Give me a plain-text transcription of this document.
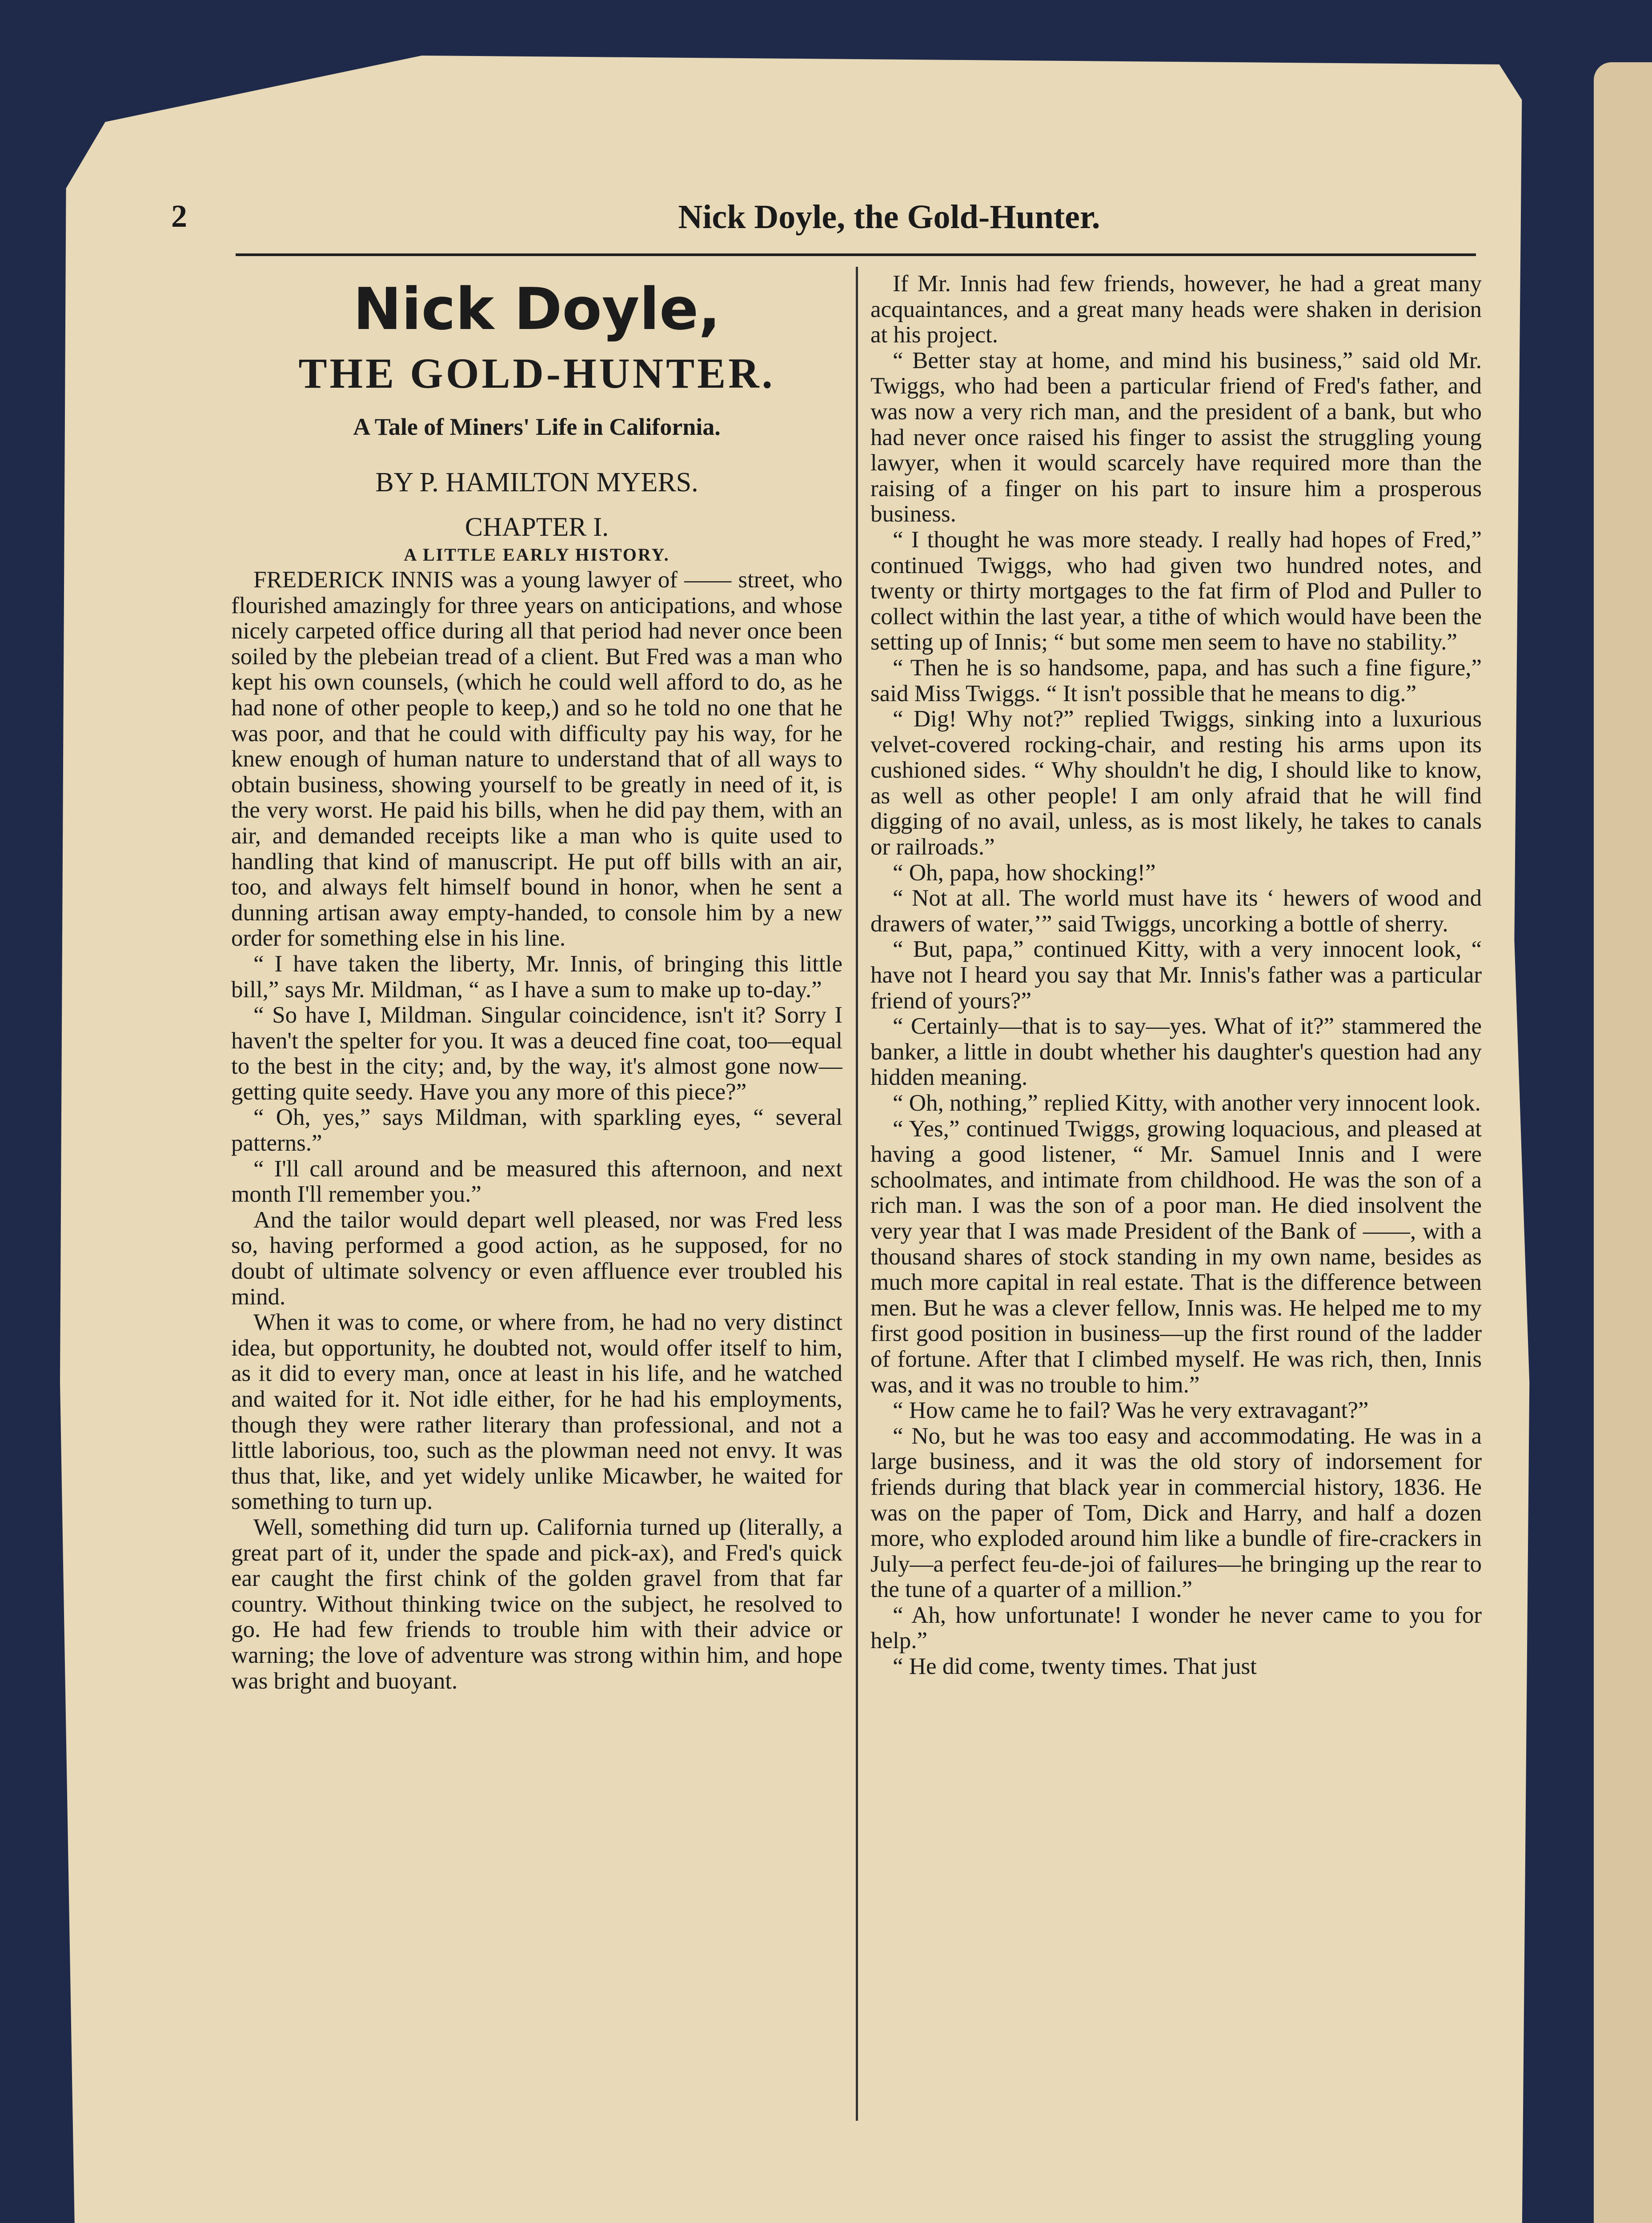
2	Nick Doyle, the Gold-Hunter.
Nick Doyle,
THE GOLD-HUNTER.
A Tale of Miners' Life in California.
BY P. HAMILTON MYERS.
CHAPTER I.
A LITTLE EARLY HISTORY.

FREDERICK INNIS was a young lawyer of —— street, who flourished amazingly for three years on anticipations, and whose nicely carpeted office during all that period had never once been soiled by the plebeian tread of a client. But Fred was a man who kept his own counsels, (which he could well afford to do, as he had none of other people to keep,) and so he told no one that he was poor, and that he could with difficulty pay his way, for he knew enough of human nature to understand that of all ways to obtain business, showing yourself to be greatly in need of it, is the very worst. He paid his bills, when he did pay them, with an air, and demanded receipts like a man who is quite used to handling that kind of manuscript. He put off bills with an air, too, and always felt himself bound in honor, when he sent a dunning artisan away empty-handed, to console him by a new order for something else in his line.

“ I have taken the liberty, Mr. Innis, of bringing this little bill,” says Mr. Mildman, “ as I have a sum to make up to-day.”

“ So have I, Mildman. Singular coincidence, isn't it? Sorry I haven't the spelter for you. It was a deuced fine coat, too—equal to the best in the city; and, by the way, it's almost gone now—getting quite seedy. Have you any more of this piece?”

“ Oh, yes,” says Mildman, with sparkling eyes, “ several patterns.”

“ I'll call around and be measured this afternoon, and next month I'll remember you.”

And the tailor would depart well pleased, nor was Fred less so, having performed a good action, as he supposed, for no doubt of ultimate solvency or even affluence ever troubled his mind.

When it was to come, or where from, he had no very distinct idea, but opportunity, he doubted not, would offer itself to him, as it did to every man, once at least in his life, and he watched and waited for it. Not idle either, for he had his employments, though they were rather literary than professional, and not a little laborious, too, such as the plowman need not envy. It was thus that, like, and yet widely unlike Micawber, he waited for something to turn up.

Well, something did turn up. California turned up (literally, a great part of it, under the spade and pick-ax), and Fred's quick ear caught the first chink of the golden gravel from that far country. Without thinking twice on the subject, he resolved to go. He had few friends to trouble him with their advice or warning; the love of adventure was strong within him, and hope was bright and buoyant.

If Mr. Innis had few friends, however, he had a great many acquaintances, and a great many heads were shaken in derision at his project.

“ Better stay at home, and mind his business,” said old Mr. Twiggs, who had been a particular friend of Fred's father, and was now a very rich man, and the president of a bank, but who had never once raised his finger to assist the struggling young lawyer, when it would scarcely have required more than the raising of a finger on his part to insure him a prosperous business.

“ I thought he was more steady. I really had hopes of Fred,” continued Twiggs, who had given two hundred notes, and twenty or thirty mortgages to the fat firm of Plod and Puller to collect within the last year, a tithe of which would have been the setting up of Innis; “ but some men seem to have no stability.”

“ Then he is so handsome, papa, and has such a fine figure,” said Miss Twiggs. “ It isn't possible that he means to dig.”

“ Dig! Why not?” replied Twiggs, sinking into a luxurious velvet-covered rocking-chair, and resting his arms upon its cushioned sides. “ Why shouldn't he dig, I should like to know, as well as other people! I am only afraid that he will find digging of no avail, unless, as is most likely, he takes to canals or railroads.”

“ Oh, papa, how shocking!”

“ Not at all. The world must have its ‘ hewers of wood and drawers of water,’” said Twiggs, uncorking a bottle of sherry.

“ But, papa,” continued Kitty, with a very innocent look, “ have not I heard you say that Mr. Innis's father was a particular friend of yours?”

“ Certainly—that is to say—yes. What of it?” stammered the banker, a little in doubt whether his daughter's question had any hidden meaning.

“ Oh, nothing,” replied Kitty, with another very innocent look.

“ Yes,” continued Twiggs, growing loquacious, and pleased at having a good listener, “ Mr. Samuel Innis and I were schoolmates, and intimate from childhood. He was the son of a rich man. I was the son of a poor man. He died insolvent the very year that I was made President of the Bank of ——, with a thousand shares of stock standing in my own name, besides as much more capital in real estate. That is the difference between men. But he was a clever fellow, Innis was. He helped me to my first good position in business—up the first round of the ladder of fortune. After that I climbed myself. He was rich, then, Innis was, and it was no trouble to him.”

“ How came he to fail? Was he very extravagant?”

“ No, but he was too easy and accommodating. He was in a large business, and it was the old story of indorsement for friends during that black year in commercial history, 1836. He was on the paper of Tom, Dick and Harry, and half a dozen more, who exploded around him like a bundle of fire-crackers in July—a perfect feu-de-joi of failures—he bringing up the rear to the tune of a quarter of a million.”

“ Ah, how unfortunate! I wonder he never came to you for help.”

“ He did come, twenty times. That just
